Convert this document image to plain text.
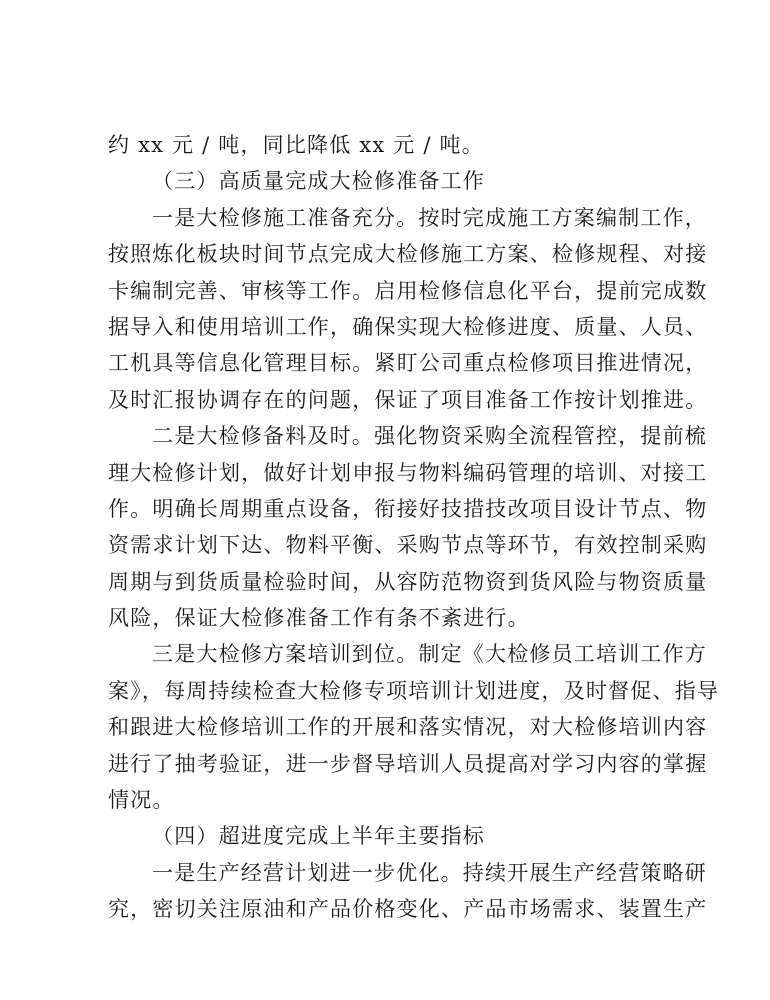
约 xx 元 / 吨，同比降低 xx 元 / 吨。
（三）高质量完成大检修准备工作
一是大检修施工准备充分。按时完成施工方案编制工作，
按照炼化板块时间节点完成大检修施工方案、检修规程、对接
卡编制完善、审核等工作。启用检修信息化平台，提前完成数
据导入和使用培训工作，确保实现大检修进度、质量、人员、
工机具等信息化管理目标。紧盯公司重点检修项目推进情况，
及时汇报协调存在的问题，保证了项目准备工作按计划推进。
二是大检修备料及时。强化物资采购全流程管控，提前梳
理大检修计划，做好计划申报与物料编码管理的培训、对接工
作。明确长周期重点设备，衔接好技措技改项目设计节点、物
资需求计划下达、物料平衡、采购节点等环节，有效控制采购
周期与到货质量检验时间，从容防范物资到货风险与物资质量
风险，保证大检修准备工作有条不紊进行。
三是大检修方案培训到位。制定《大检修员工培训工作方
案》，每周持续检查大检修专项培训计划进度，及时督促、指导
和跟进大检修培训工作的开展和落实情况，对大检修培训内容
进行了抽考验证，进一步督导培训人员提高对学习内容的掌握
情况。
（四）超进度完成上半年主要指标
一是生产经营计划进一步优化。持续开展生产经营策略研
究，密切关注原油和产品价格变化、产品市场需求、装置生产
